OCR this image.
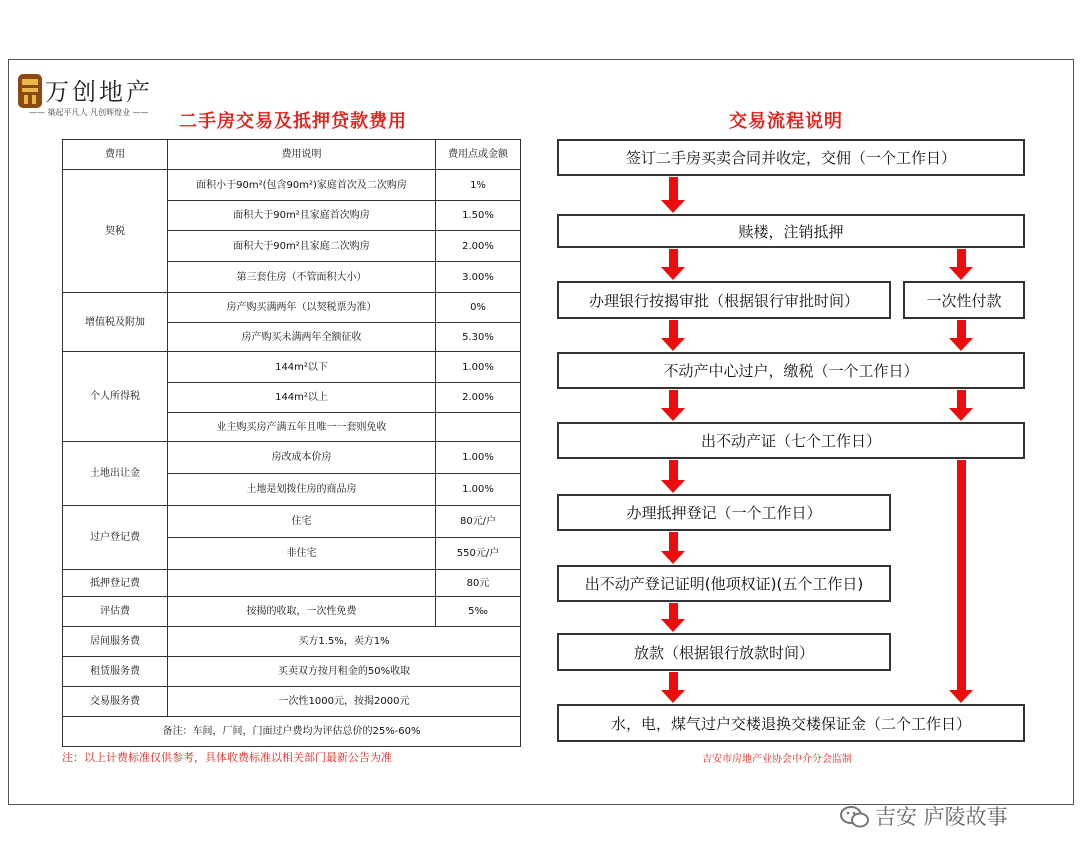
万创地产
—— 築起平凡人 凡创辉煌业 —— 二手房交易及抵押贷款费用	交易流程说明
费用	费用说明	费用点或金额
契税	面积小于90m²(包含90m²)家庭首次及二次购房	1%
	面积大于90m²且家庭首次购房	1.50%
	面积大于90m²且家庭二次购房	2.00%
	第三套住房（不管面积大小）	3.00%
增值税及附加	房产购买满两年（以契税票为准）	0%
	房产购买未满两年全额征收	5.30%
个人所得税	144m²以下	1.00%
	144m²以上	2.00%
	业主购买房产满五年且唯一一套则免收	
土地出让金	房改成本价房	1.00%
	土地是划拨住房的商品房	1.00%
过户登记费	住宅	80元/户
	非住宅	550元/户
抵押登记费		80元
评估费	按揭的收取，一次性免费	5‰
居间服务费	买方1.5%，卖方1%	
租赁服务费	买卖双方按月租金的50%收取	
交易服务费	一次性1000元，按揭2000元	
备注：车间，厂间，门面过户费均为评估总价的25%-60%		
注：以上计费标准仅供参考，具体收费标准以相关部门最新公告为准
签订二手房买卖合同并收定，交佣（一个工作日）
赎楼，注销抵押
办理银行按揭审批（根据银行审批时间）	一次性付款
不动产中心过户，缴税（一个工作日）
出不动产证（七个工作日）
办理抵押登记（一个工作日）
出不动产登记证明(他项权证)(五个工作日)
放款（根据银行放款时间）
水，电，煤气过户交楼退换交楼保证金（二个工作日）
吉安市房地产业协会中介分会监制
吉安 庐陵故事
